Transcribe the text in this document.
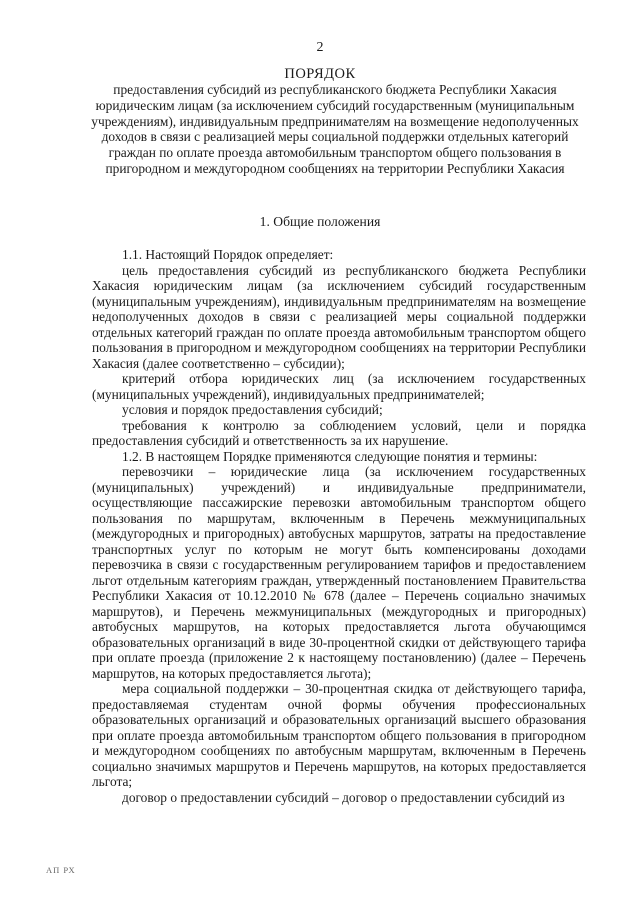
2
ПОРЯДОК
предоставления субсидий из республиканского бюджета Республики Хакасия юридическим лицам (за исключением субсидий государственным (муниципальным учреждениям), индивидуальным предпринимателям на возмещение недополученных доходов в связи с реализацией меры социальной поддержки отдельных категорий граждан по оплате проезда автомобильным транспортом общего пользования в пригородном и междугородном сообщениях на территории Республики Хакасия
1. Общие положения

1.1. Настоящий Порядок определяет:

цель предоставления субсидий из республиканского бюджета Республики Хакасия юридическим лицам (за исключением субсидий государственным (муниципальным учреждениям), индивидуальным предпринимателям на возмещение недополученных доходов в связи с реализацией меры социальной поддержки отдельных категорий граждан по оплате проезда автомобильным транспортом общего пользования в пригородном и междугородном сообщениях на территории Республики Хакасия (далее соответственно – субсидии);

критерий отбора юридических лиц (за исключением государственных (муниципальных учреждений), индивидуальных предпринимателей;

условия и порядок предоставления субсидий;

требования к контролю за соблюдением условий, цели и порядка предоставления субсидий и ответственность за их нарушение.

1.2. В настоящем Порядке применяются следующие понятия и термины:

перевозчики – юридические лица (за исключением государственных (муниципальных) учреждений) и индивидуальные предприниматели, осуществляющие пассажирские перевозки автомобильным транспортом общего пользования по маршрутам, включенным в Перечень межмуниципальных (междугородных и пригородных) автобусных маршрутов, затраты на предоставление транспортных услуг по которым не могут быть компенсированы доходами перевозчика в связи с государственным регулированием тарифов и предоставлением льгот отдельным категориям граждан, утвержденный постановлением Правительства Республики Хакасия от 10.12.2010 № 678 (далее – Перечень социально значимых маршрутов), и Перечень межмуниципальных (междугородных и пригородных) автобусных маршрутов, на которых предоставляется льгота обучающимся образовательных организаций в виде 30-процентной скидки от действующего тарифа при оплате проезда (приложение 2 к настоящему постановлению) (далее – Перечень маршрутов, на которых предоставляется льгота);

мера социальной поддержки – 30-процентная скидка от действующего тарифа, предоставляемая студентам очной формы обучения профессиональных образовательных организаций и образовательных организаций высшего образования при оплате проезда автомобильным транспортом общего пользования в пригородном и междугородном сообщениях по автобусным маршрутам, включенным в Перечень социально значимых маршрутов и Перечень маршрутов, на которых предоставляется льгота;

договор о предоставлении субсидий – договор о предоставлении субсидий из

АП РХ
